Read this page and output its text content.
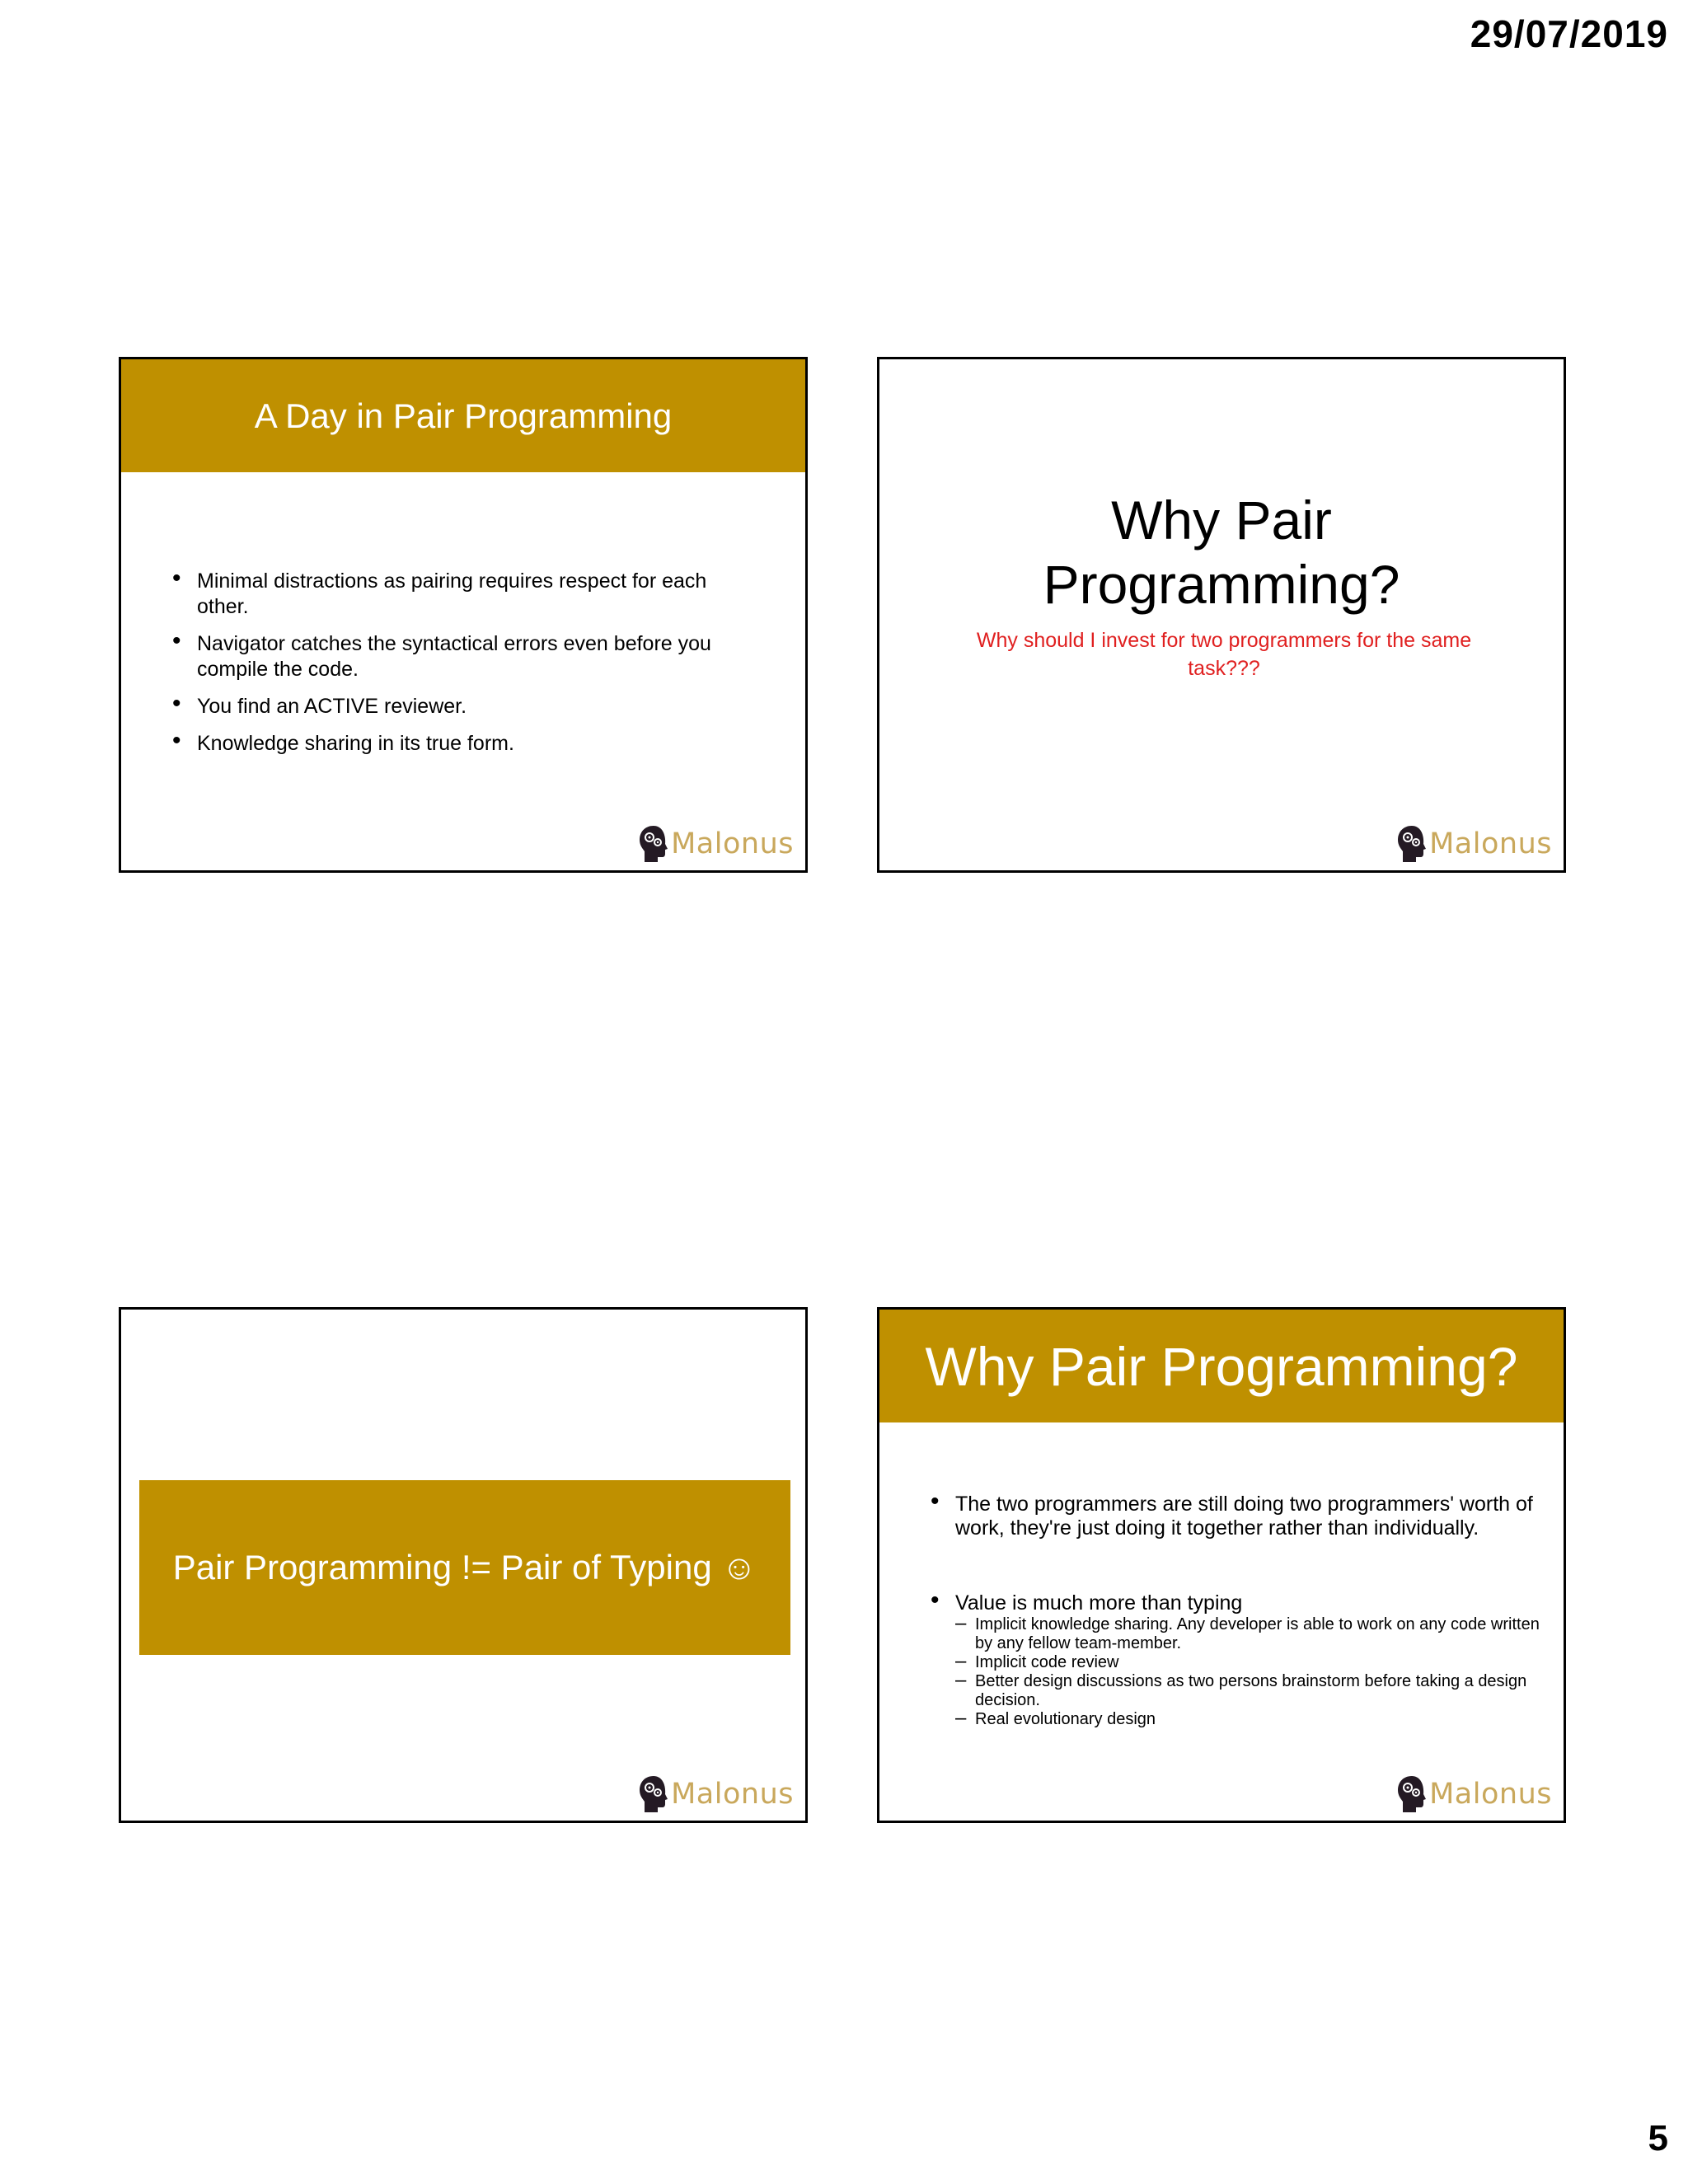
29/07/2019
A Day in Pair Programming
• Minimal distractions as pairing requires respect for each other.
• Navigator catches the syntactical errors even before you compile the code.
• You find an ACTIVE reviewer.
• Knowledge sharing in its true form.
Malonus
Why Pair
Programming?
Why should I invest for two programmers for the same task???
Malonus
Pair Programming != Pair of Typing ☺
Malonus
Why Pair Programming?
• The two programmers are still doing two programmers' worth of work, they're just doing it together rather than individually.
• Value is much more than typing
– Implicit knowledge sharing. Any developer is able to work on any code written by any fellow team-member.
– Implicit code review
– Better design discussions as two persons brainstorm before taking a design decision.
– Real evolutionary design
Malonus
5
